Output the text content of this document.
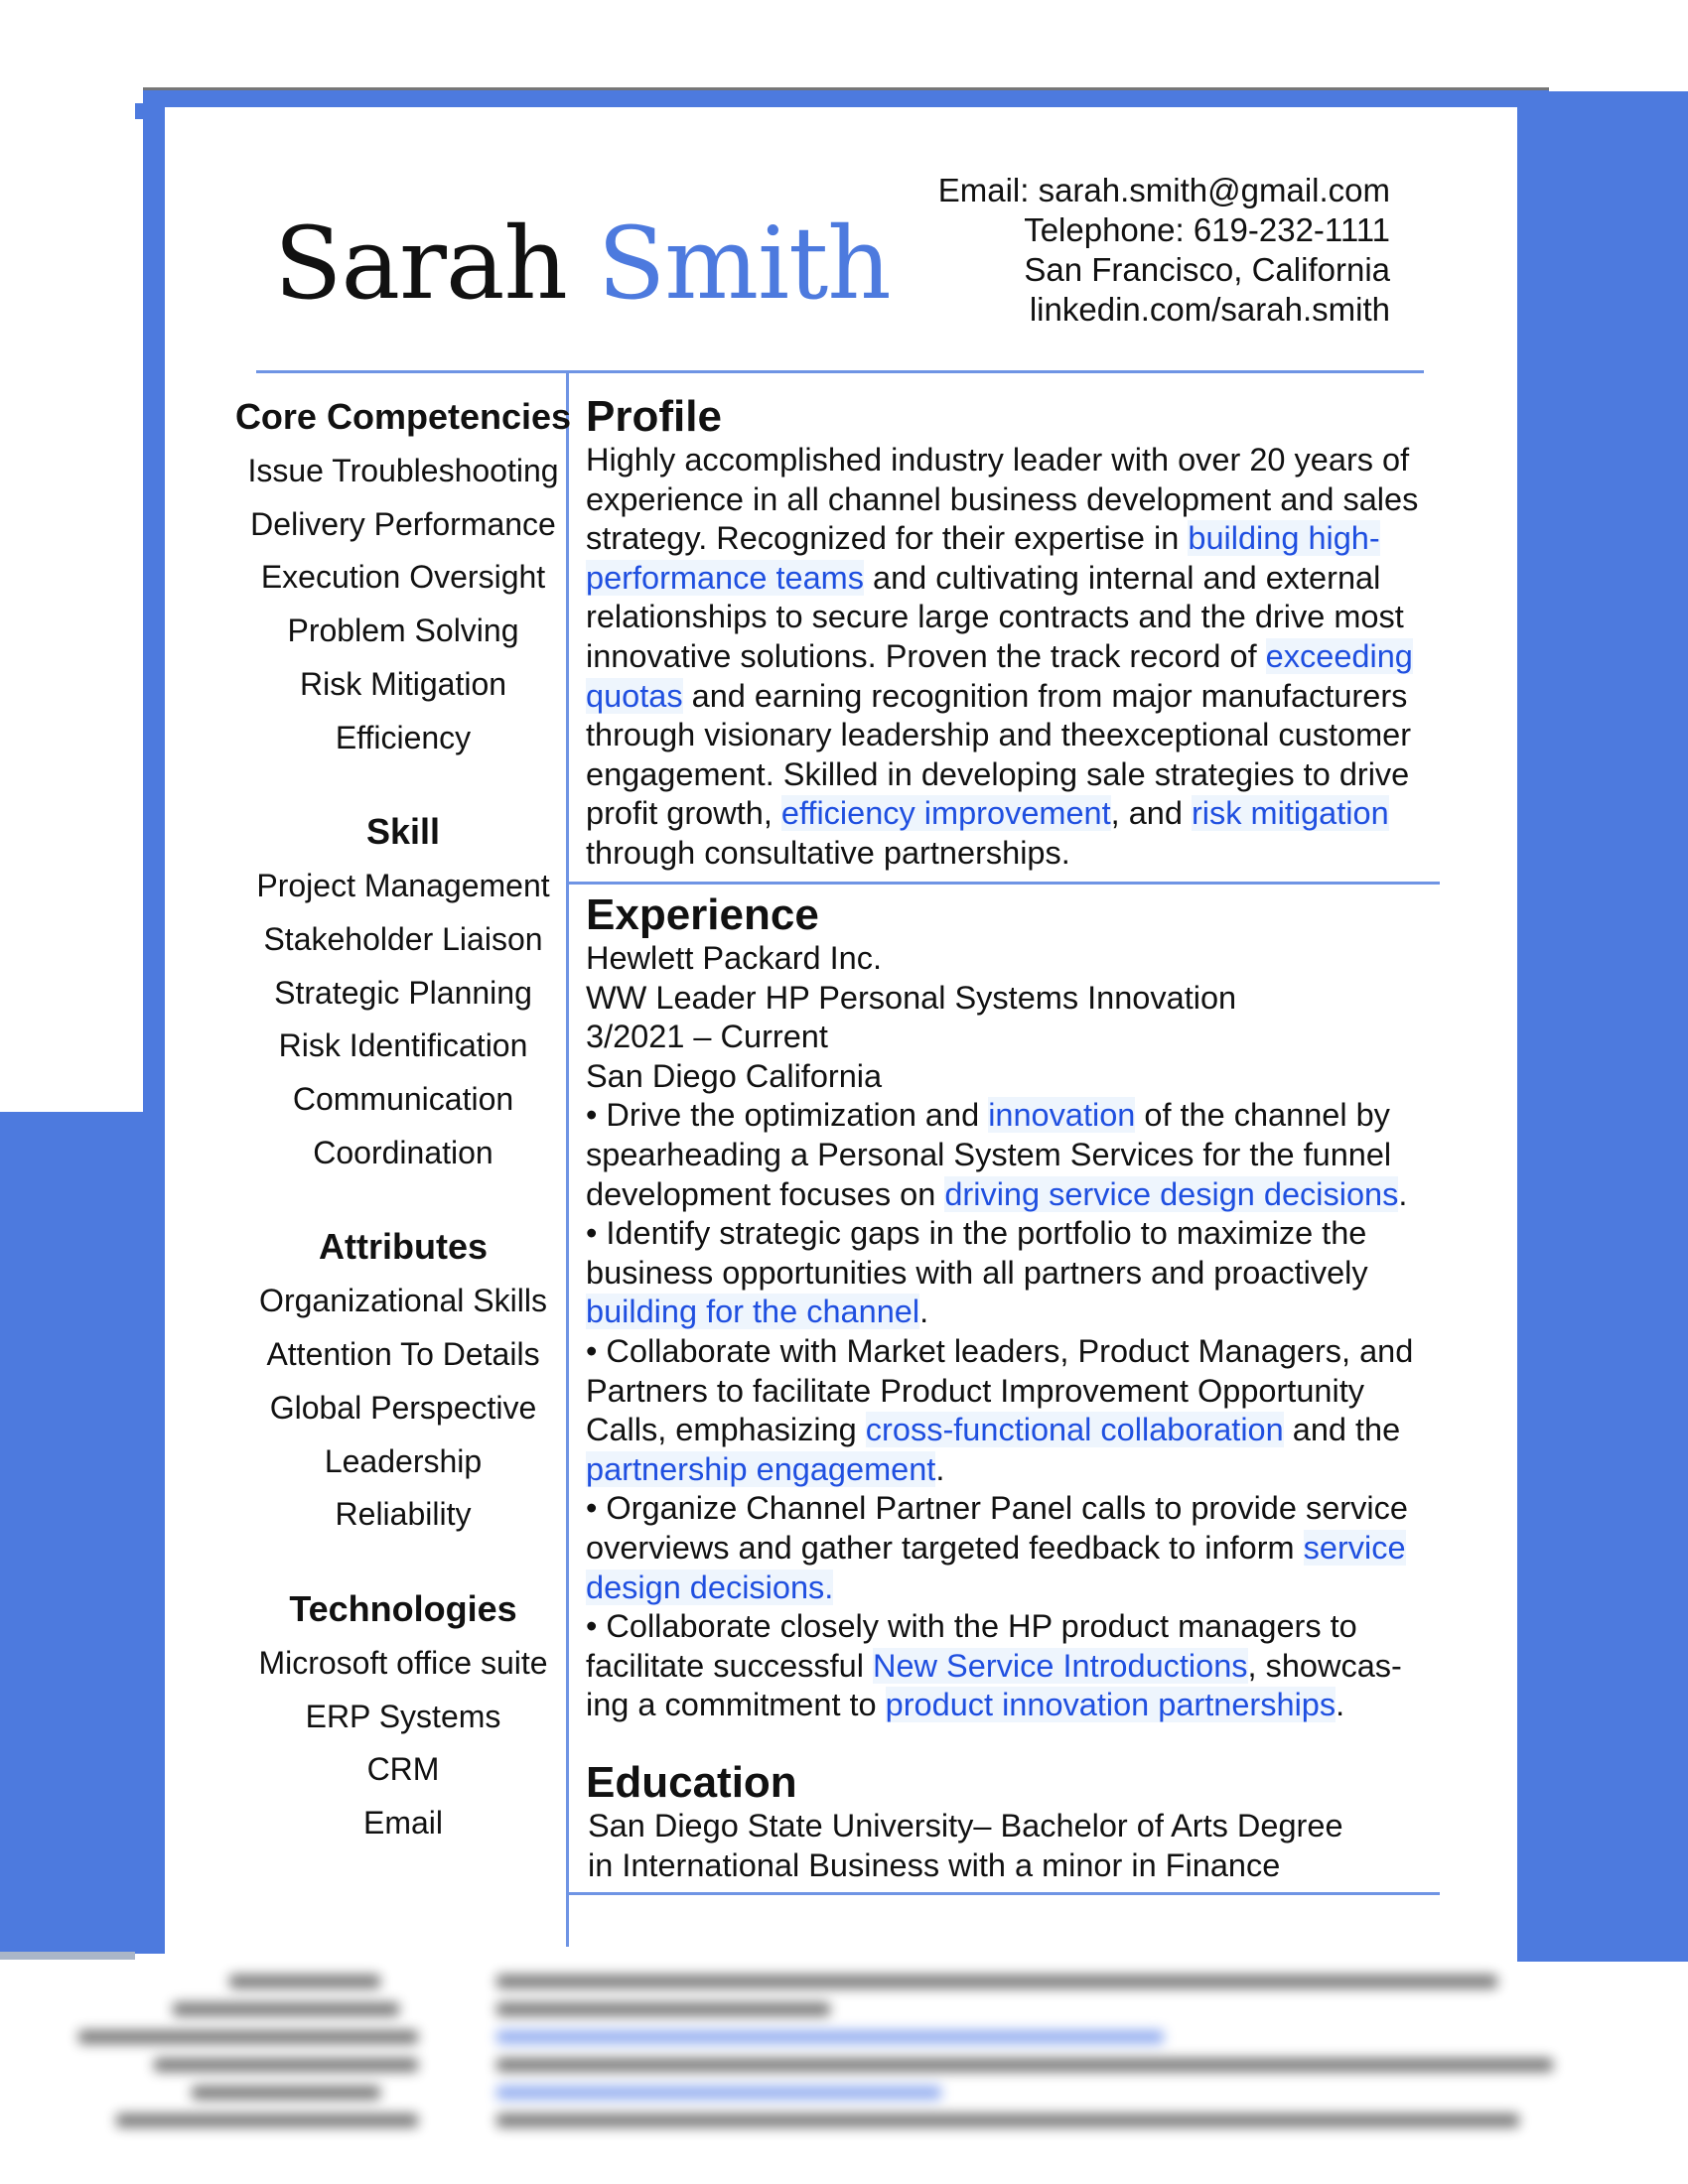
Sarah Smith
Email: sarah.smith@gmail.com
Telephone: 619-232-1111
San Francisco, California
linkedin.com/sarah.smith
Core Competencies
Issue Troubleshooting
Delivery Performance
Execution Oversight
Problem Solving
Risk Mitigation
Efficiency
Skill
Project Management
Stakeholder Liaison
Strategic Planning
Risk Identification
Communication
Coordination
Attributes
Organizational Skills
Attention To Details
Global Perspective
Leadership
Reliability
Technologies
Microsoft office suite
ERP Systems
CRM
Email
Profile
Highly accomplished industry leader with over 20 years of experience in all channel business development and sales strategy. Recognized for their expertise in building high-performance teams and cultivating internal and external relationships to secure large contracts and the drive most innovative solutions. Proven the track record of exceeding quotas and earning recognition from major manufacturers through visionary leadership and theexceptional customer engagement. Skilled in developing sale strategies to drive profit growth, efficiency improvement, and risk mitigation through consultative partnerships.
Experience
Hewlett Packard Inc.
WW Leader HP Personal Systems Innovation
3/2021 – Current
San Diego California
• Drive the optimization and innovation of the channel by spearheading a Personal System Services for the funnel development focuses on driving service design decisions.
• Identify strategic gaps in the portfolio to maximize the business opportunities with all partners and proactively building for the channel.
• Collaborate with Market leaders, Product Managers, and Partners to facilitate Product Improvement Opportunity Calls, emphasizing cross-functional collaboration and the partnership engagement.
• Organize Channel Partner Panel calls to provide service overviews and gather targeted feedback to inform service design decisions.
• Collaborate closely with the HP product managers to facilitate successful New Service Introductions, showcas-ing a commitment to product innovation partnerships.
Education
San Diego State University– Bachelor of Arts Degree
in International Business with a minor in Finance
